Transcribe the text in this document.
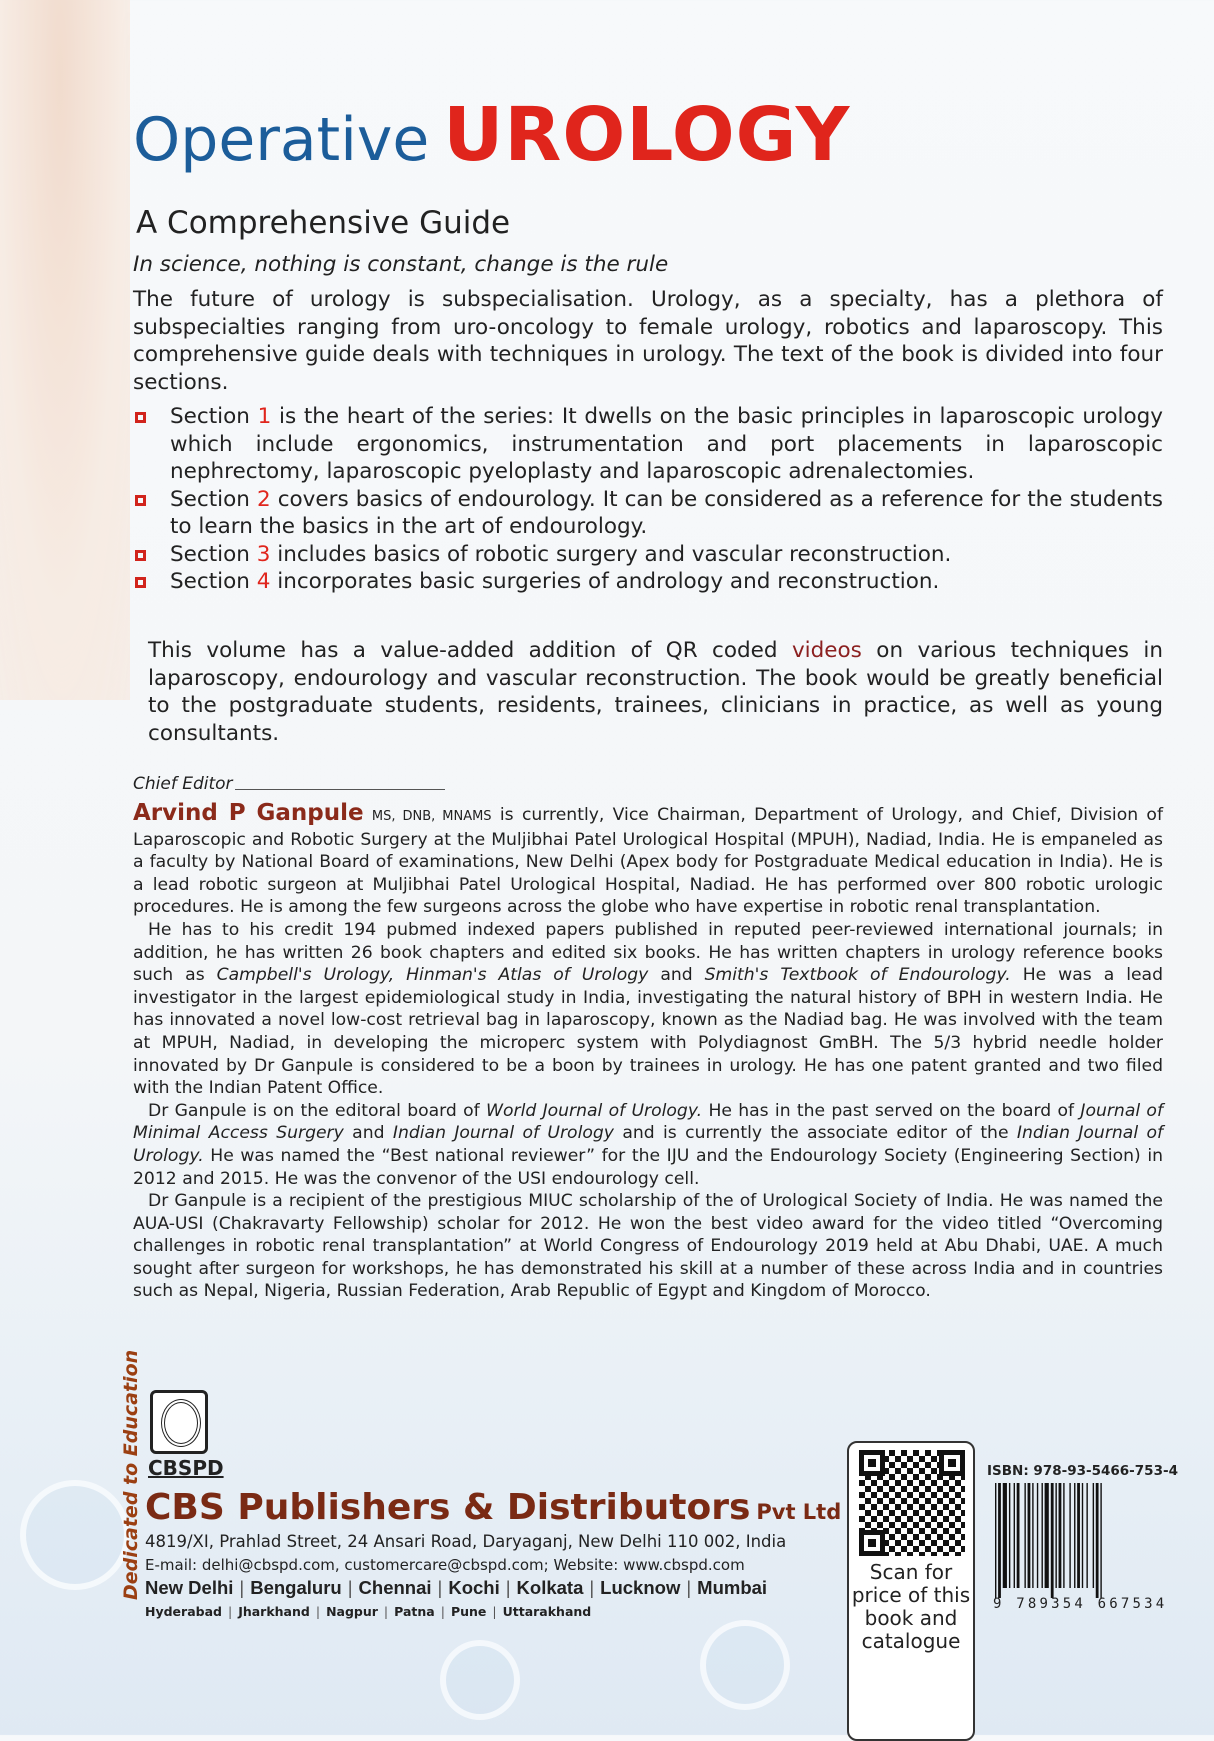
Operative UROLOGY
A Comprehensive Guide
In science, nothing is constant, change is the rule
The future of urology is subspecialisation. Urology, as a specialty, has a plethora of subspecialties ranging from uro-oncology to female urology, robotics and laparoscopy. This comprehensive guide deals with techniques in urology. The text of the book is divided into four sections.
Section 1 is the heart of the series: It dwells on the basic principles in laparoscopic urology which include ergonomics, instrumentation and port placements in laparoscopic nephrectomy, laparoscopic pyeloplasty and laparoscopic adrenalectomies.
Section 2 covers basics of endourology. It can be considered as a reference for the students to learn the basics in the art of endourology.
Section 3 includes basics of robotic surgery and vascular reconstruction.
Section 4 incorporates basic surgeries of andrology and reconstruction.
This volume has a value-added addition of QR coded videos on various techniques in laparoscopy, endourology and vascular reconstruction. The book would be greatly beneficial to the postgraduate students, residents, trainees, clinicians in practice, as well as young consultants.
Chief Editor

Arvind P Ganpule MS, DNB, MNAMS is currently, Vice Chairman, Department of Urology, and Chief, Division of Laparoscopic and Robotic Surgery at the Muljibhai Patel Urological Hospital (MPUH), Nadiad, India. He is empaneled as a faculty by National Board of examinations, New Delhi (Apex body for Postgraduate Medical education in India). He is a lead robotic surgeon at Muljibhai Patel Urological Hospital, Nadiad. He has performed over 800 robotic urologic procedures. He is among the few surgeons across the globe who have expertise in robotic renal transplantation.

He has to his credit 194 pubmed indexed papers published in reputed peer-reviewed international journals; in addition, he has written 26 book chapters and edited six books. He has written chapters in urology reference books such as Campbell's Urology, Hinman's Atlas of Urology and Smith's Textbook of Endourology. He was a lead investigator in the largest epidemiological study in India, investigating the natural history of BPH in western India. He has innovated a novel low-cost retrieval bag in laparoscopy, known as the Nadiad bag. He was involved with the team at MPUH, Nadiad, in developing the microperc system with Polydiagnost GmBH. The 5/3 hybrid needle holder innovated by Dr Ganpule is considered to be a boon by trainees in urology. He has one patent granted and two filed with the Indian Patent Office.

Dr Ganpule is on the editoral board of World Journal of Urology. He has in the past served on the board of Journal of Minimal Access Surgery and Indian Journal of Urology and is currently the associate editor of the Indian Journal of Urology. He was named the “Best national reviewer” for the IJU and the Endourology Society (Engineering Section) in 2012 and 2015. He was the convenor of the USI endourology cell.

Dr Ganpule is a recipient of the prestigious MIUC scholarship of the of Urological Society of India. He was named the AUA-USI (Chakravarty Fellowship) scholar for 2012. He won the best video award for the video titled “Overcoming challenges in robotic renal transplantation” at World Congress of Endourology 2019 held at Abu Dhabi, UAE. A much sought after surgeon for workshops, he has demonstrated his skill at a number of these across India and in countries such as Nepal, Nigeria, Russian Federation, Arab Republic of Egypt and Kingdom of Morocco.

Dedicated to Education CBSPD
CBS Publishers & Distributors Pvt Ltd
4819/XI, Prahlad Street, 24 Ansari Road, Daryaganj, New Delhi 110 002, India
E-mail: delhi@cbspd.com, customercare@cbspd.com; Website: www.cbspd.com
New Delhi | Bengaluru | Chennai | Kochi | Kolkata | Lucknow | Mumbai
Hyderabad | Jharkhand | Nagpur | Patna | Pune | Uttarakhand
Scan for price of this book and catalogue
ISBN: 978-93-5466-753-4
9 789354 667534
